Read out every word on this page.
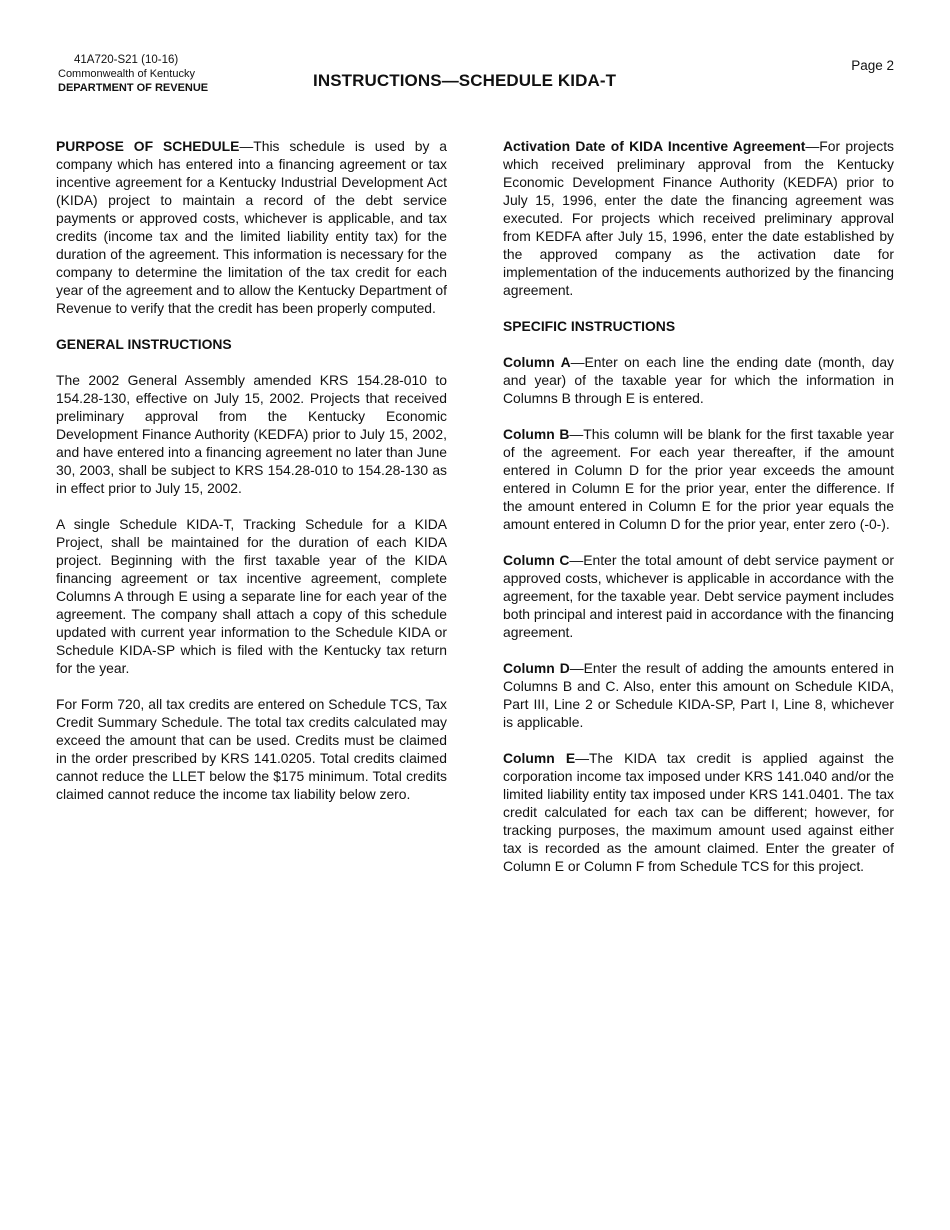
41A720-S21 (10-16)
Commonwealth of Kentucky
DEPARTMENT OF REVENUE	INSTRUCTIONS—SCHEDULE KIDA-T
Page 2

PURPOSE OF SCHEDULE—This schedule is used by a company which has entered into a financing agreement or tax incentive agreement for a Kentucky Industrial Development Act (KIDA) project to maintain a record of the debt service payments or approved costs, whichever is applicable, and tax credits (income tax and the limited liability entity tax) for the duration of the agreement. This information is necessary for the company to determine the limitation of the tax credit for each year of the agreement and to allow the Kentucky Department of Revenue to verify that the credit has been properly computed.

GENERAL INSTRUCTIONS

The 2002 General Assembly amended KRS 154.28-010 to 154.28-130, effective on July 15, 2002. Projects that received preliminary approval from the Kentucky Economic Development Finance Authority (KEDFA) prior to July 15, 2002, and have entered into a financing agreement no later than June 30, 2003, shall be subject to KRS 154.28-010 to 154.28-130 as in effect prior to July 15, 2002.

A single Schedule KIDA-T, Tracking Schedule for a KIDA Project, shall be maintained for the duration of each KIDA project. Beginning with the first taxable year of the KIDA financing agreement or tax incentive agreement, complete Columns A through E using a separate line for each year of the agreement. The company shall attach a copy of this schedule updated with current year information to the Schedule KIDA or Schedule KIDA-SP which is filed with the Kentucky tax return for the year.

For Form 720, all tax credits are entered on Schedule TCS, Tax Credit Summary Schedule. The total tax credits calculated may exceed the amount that can be used. Credits must be claimed in the order prescribed by KRS 141.0205. Total credits claimed cannot reduce the LLET below the $175 minimum. Total credits claimed cannot reduce the income tax liability below zero.

Activation Date of KIDA Incentive Agreement—For projects which received preliminary approval from the Kentucky Economic Development Finance Authority (KEDFA) prior to July 15, 1996, enter the date the financing agreement was executed. For projects which received preliminary approval from KEDFA after July 15, 1996, enter the date established by the approved company as the activation date for implementation of the inducements authorized by the financing agreement.

SPECIFIC INSTRUCTIONS

Column A—Enter on each line the ending date (month, day and year) of the taxable year for which the information in Columns B through E is entered.

Column B—This column will be blank for the first taxable year of the agreement. For each year thereafter, if the amount entered in Column D for the prior year exceeds the amount entered in Column E for the prior year, enter the difference. If the amount entered in Column E for the prior year equals the amount entered in Column D for the prior year, enter zero (-0-).

Column C—Enter the total amount of debt service payment or approved costs, whichever is applicable in accordance with the agreement, for the taxable year. Debt service payment includes both principal and interest paid in accordance with the financing agreement.

Column D—Enter the result of adding the amounts entered in Columns B and C. Also, enter this amount on Schedule KIDA, Part III, Line 2 or Schedule KIDA-SP, Part I, Line 8, whichever is applicable.

Column E—The KIDA tax credit is applied against the corporation income tax imposed under KRS 141.040 and/or the limited liability entity tax imposed under KRS 141.0401. The tax credit calculated for each tax can be different; however, for tracking purposes, the maximum amount used against either tax is recorded as the amount claimed. Enter the greater of Column E or Column F from Schedule TCS for this project.
